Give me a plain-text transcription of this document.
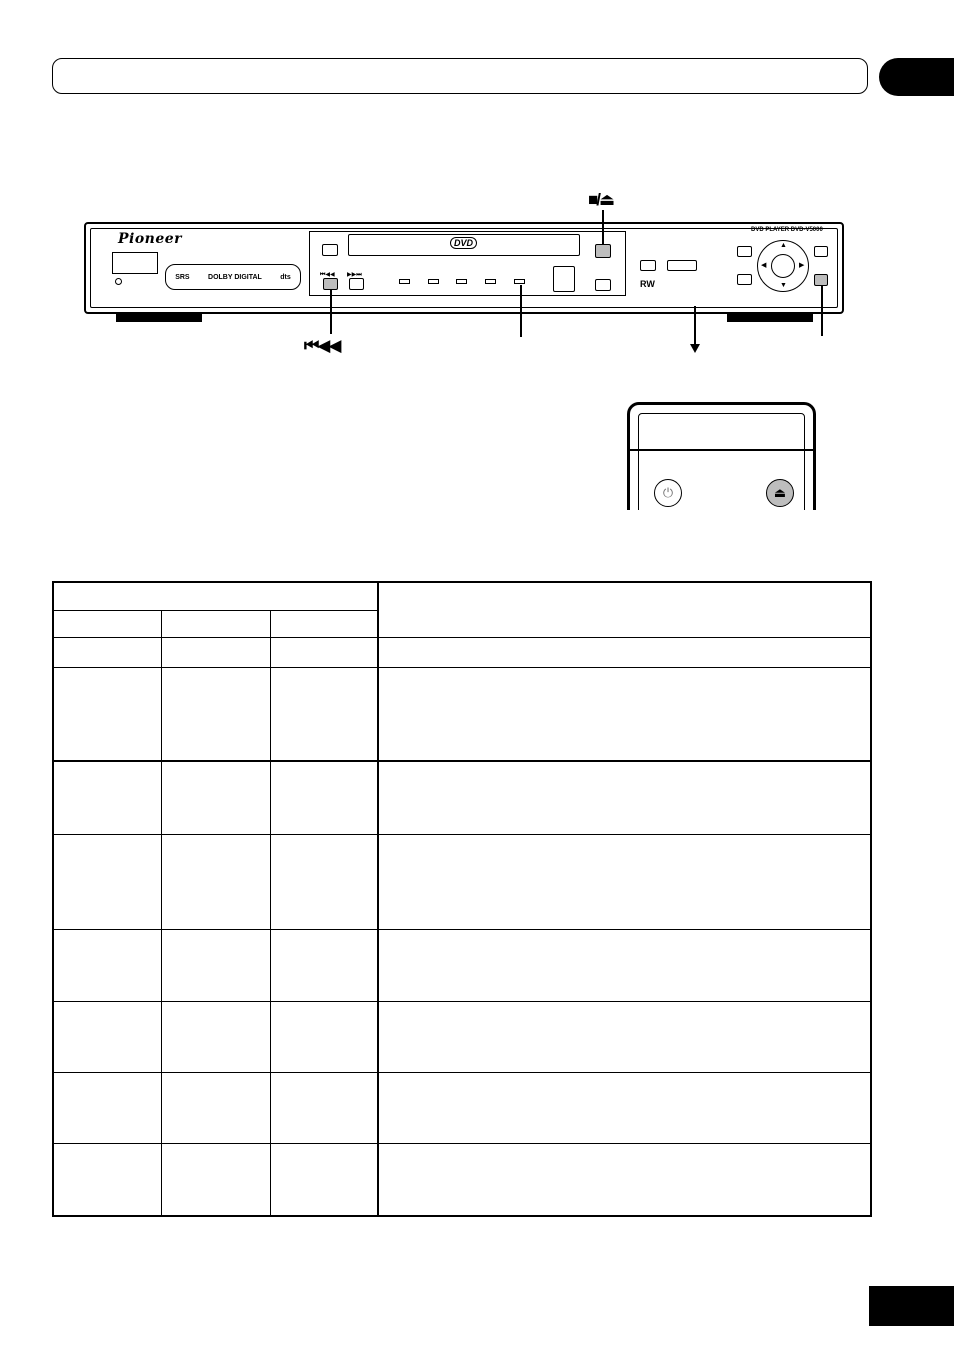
Pioneer
SRS	DOLBY DIGITAL	dts
DVD
⏮◀◀ ▶▶⏭
RW
DVD PLAYER DVD-V5000
▲
▼
◀	▶
■/⏏
⏮◀◀
⏻	⏏
